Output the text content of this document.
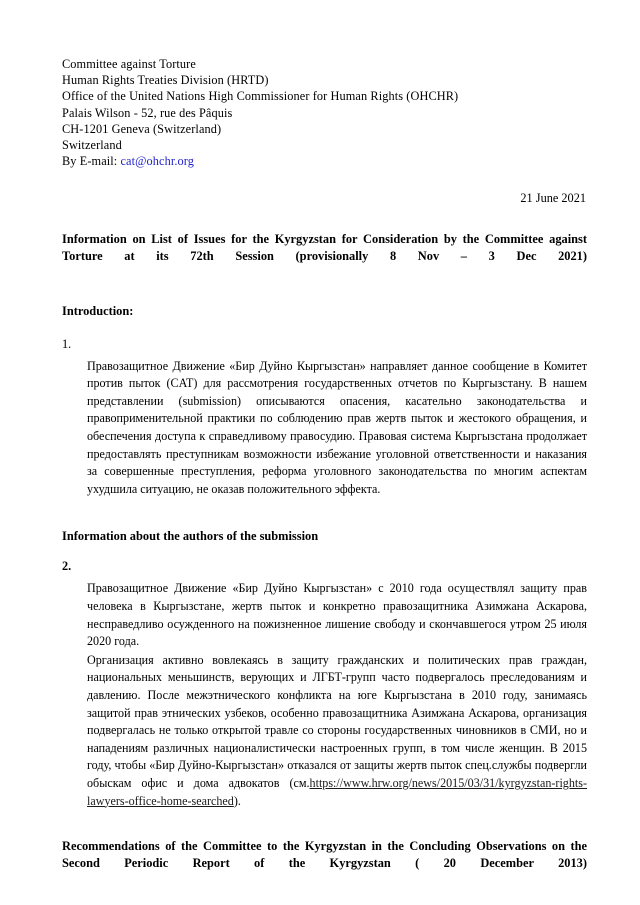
Committee against Torture
Human Rights Treaties Division (HRTD)
Office of the United Nations High Commissioner for Human Rights (OHCHR)
Palais Wilson - 52, rue des Pâquis
CH-1201 Geneva (Switzerland)
Switzerland
By E-mail: cat@ohchr.org
21 June 2021
Information on List of Issues for the Kyrgyzstan for Consideration by the Committee against Torture at its 72th Session (provisionally 8 Nov – 3 Dec 2021)
Introduction:
1.

Правозащитное Движение «Бир Дуйно Кыргызстан» направляет данное сообщение в Комитет против пыток (CAT) для рассмотрения государственных отчетов по Кыргызстану. В нашем представлении (submission) описываются опасения, касательно законодательства и правоприменительной практики по соблюдению прав жертв пыток и жестокого обращения, и обеспечения доступа к справедливому правосудию. Правовая система Кыргызстана продолжает предоставлять преступникам возможности избежание уголовной ответственности и наказания за совершенные преступления, реформа уголовного законодательства по многим аспектам ухудшила ситуацию, не оказав положительного эффекта.

Information about the authors of the submission
2.

Правозащитное Движение «Бир Дуйно Кыргызстан» с 2010 года осуществлял защиту прав человека в Кыргызстане, жертв пыток и конкретно правозащитника Азимжана Аскарова, несправедливо осужденного на пожизненное лишение свободу и скончавшегося утром 25 июля 2020 года.

Организация активно вовлекаясь в защиту гражданских и политических прав граждан, национальных меньшинств, верующих и ЛГБТ-групп часто подвергалось преследованиям и давлению. После межэтнического конфликта на юге Кыргызстана в 2010 году, занимаясь защитой прав этнических узбеков, особенно правозащитника Азимжана Аскарова, организация подвергалась не только открытой травле со стороны государственных чиновников в СМИ, но и нападениям различных националистически настроенных групп, в том числе женщин. В 2015 году, чтобы «Бир Дуйно-Кыргызстан» отказался от защиты жертв пыток спец.службы подвергли обыскам офис и дома адвокатов (см.https://www.hrw.org/news/2015/03/31/kyrgyzstan-rights-lawyers-office-home-searched).

Recommendations of the Committee to the Kyrgyzstan in the Concluding Observations on the Second Periodic Report of the Kyrgyzstan ( 20 December 2013)
